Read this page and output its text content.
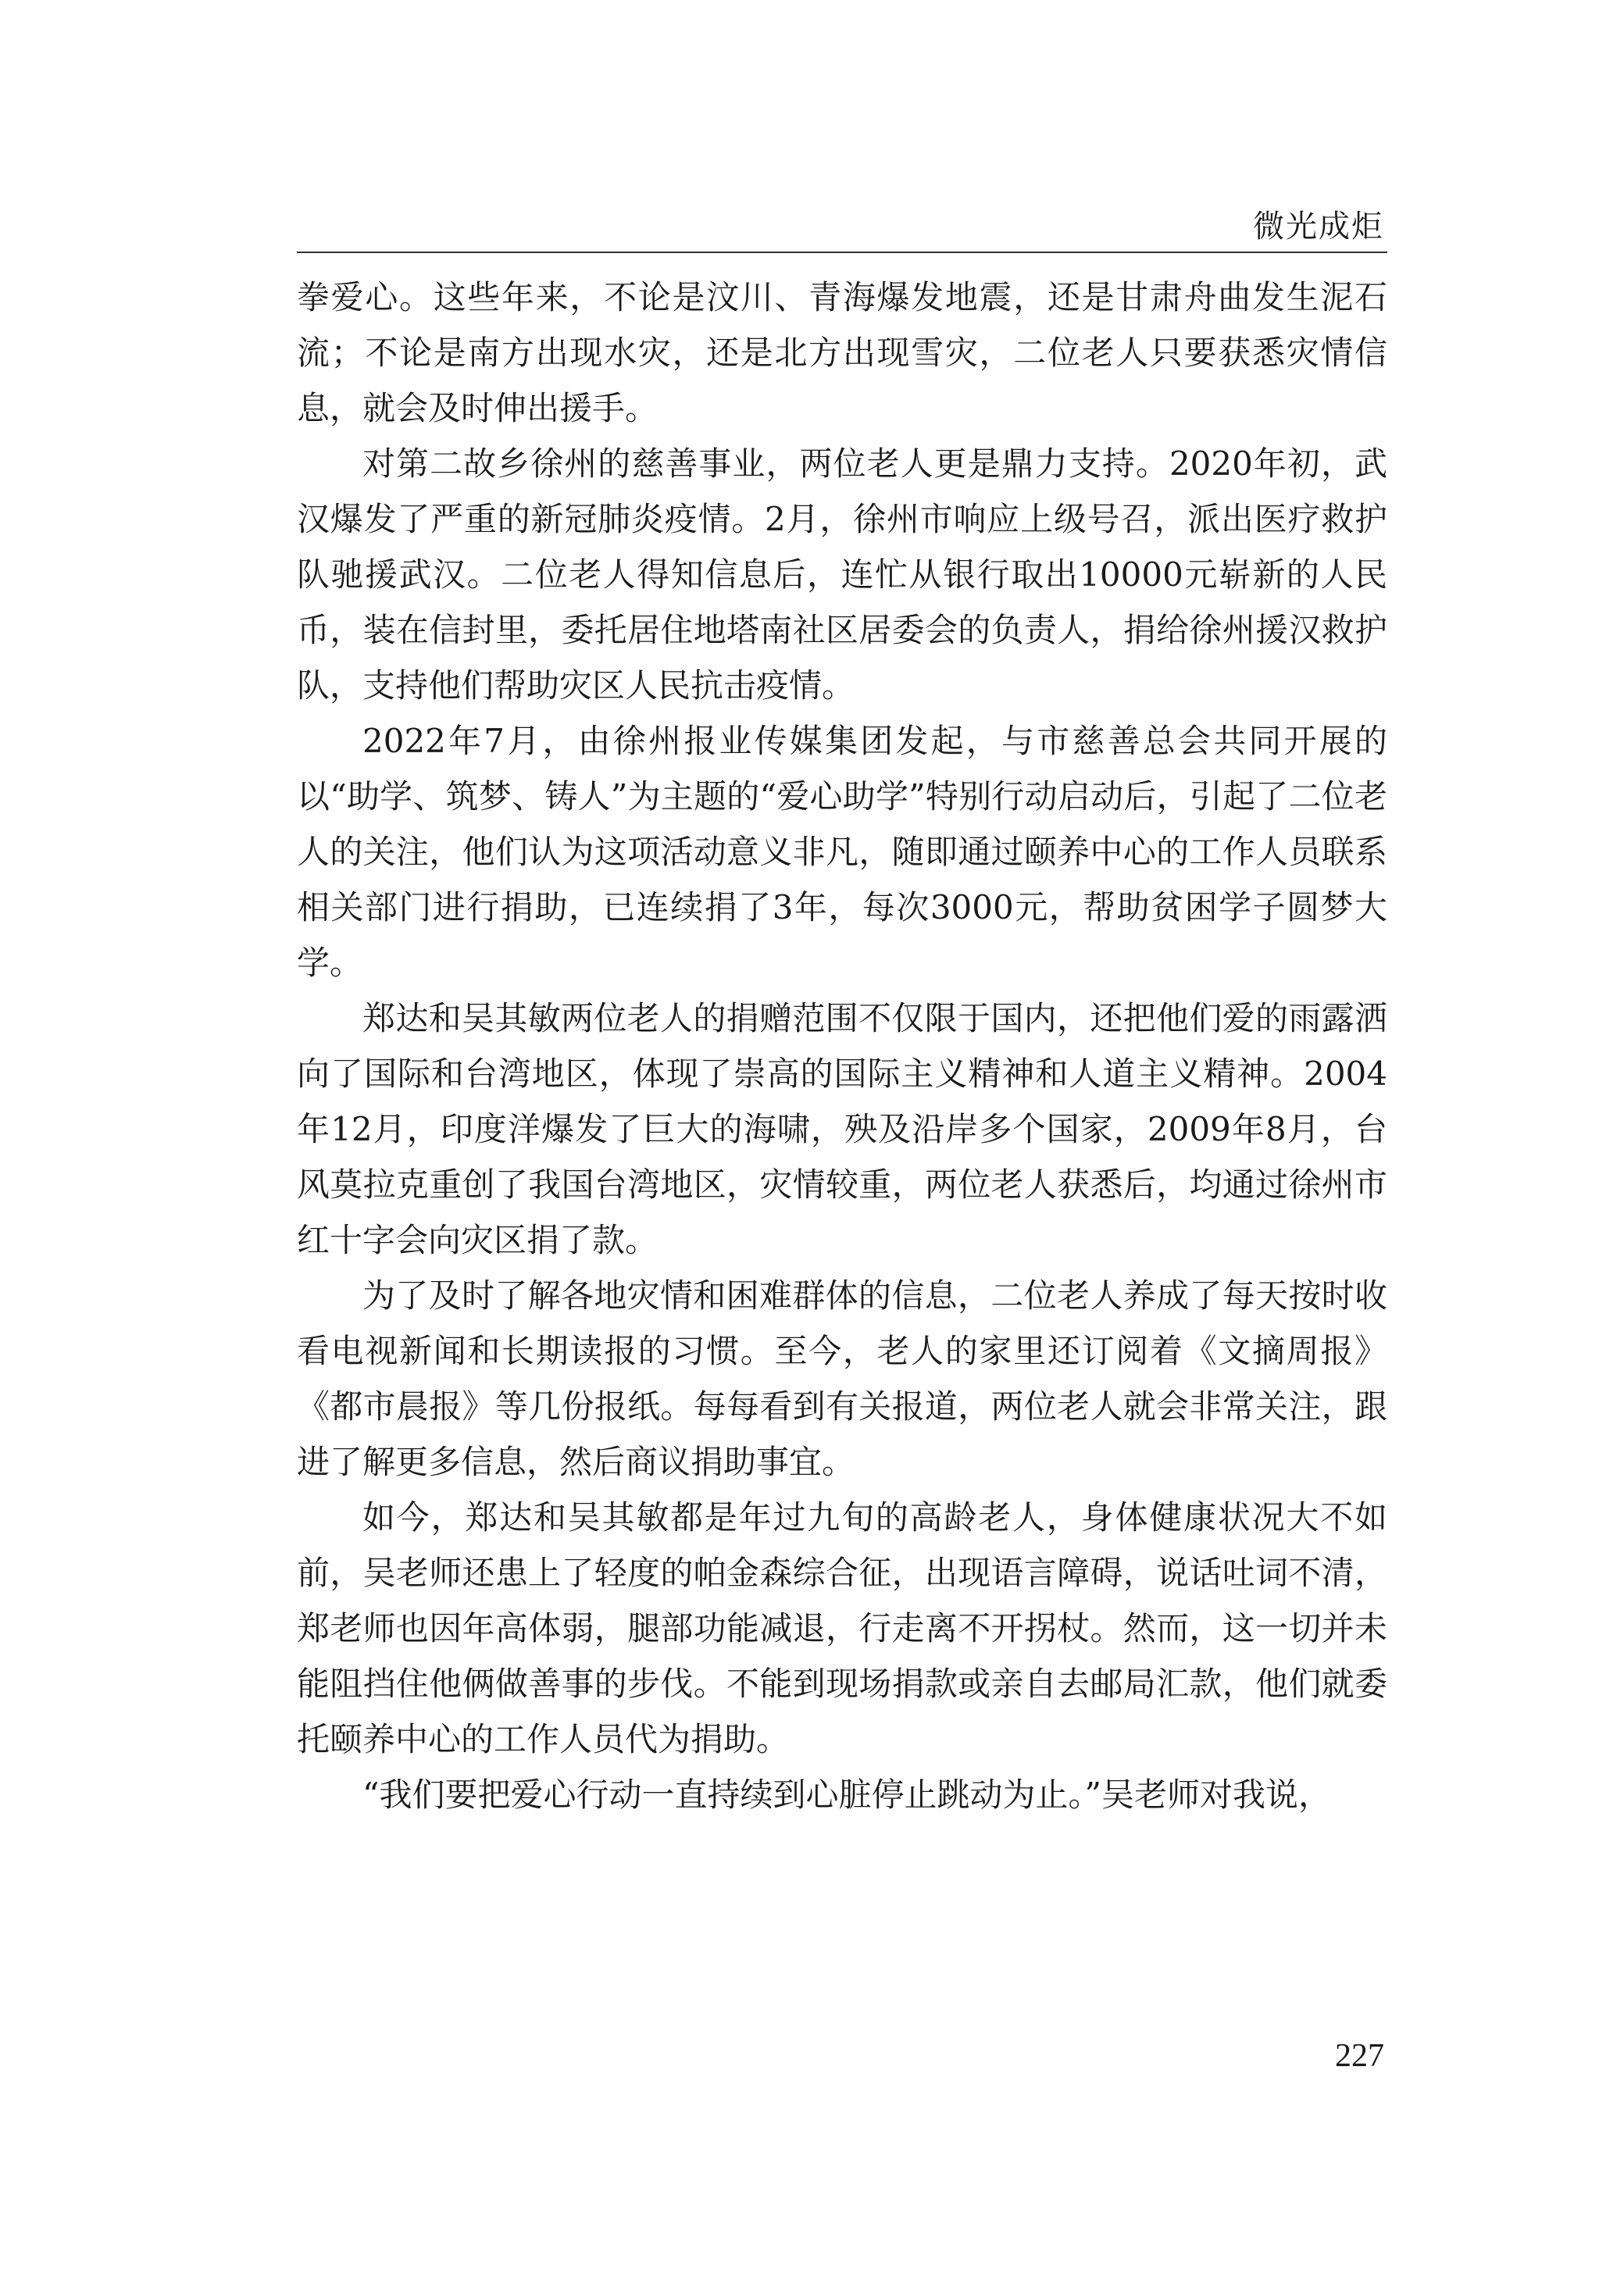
微光成炬

拳爱心。这些年来，不论是汶川、青海爆发地震，还是甘肃舟曲发生泥石流；不论是南方出现水灾，还是北方出现雪灾，二位老人只要获悉灾情信息，就会及时伸出援手。

对第二故乡徐州的慈善事业，两位老人更是鼎力支持。2020年初，武汉爆发了严重的新冠肺炎疫情。2月，徐州市响应上级号召，派出医疗救护队驰援武汉。二位老人得知信息后，连忙从银行取出10000元崭新的人民币，装在信封里，委托居住地塔南社区居委会的负责人，捐给徐州援汉救护队，支持他们帮助灾区人民抗击疫情。

2022年7月，由徐州报业传媒集团发起，与市慈善总会共同开展的以“助学、筑梦、铸人”为主题的“爱心助学”特别行动启动后，引起了二位老人的关注，他们认为这项活动意义非凡，随即通过颐养中心的工作人员联系相关部门进行捐助，已连续捐了3年，每次3000元，帮助贫困学子圆梦大学。

郑达和吴其敏两位老人的捐赠范围不仅限于国内，还把他们爱的雨露洒向了国际和台湾地区，体现了崇高的国际主义精神和人道主义精神。2004年12月，印度洋爆发了巨大的海啸，殃及沿岸多个国家，2009年8月，台风莫拉克重创了我国台湾地区，灾情较重，两位老人获悉后，均通过徐州市红十字会向灾区捐了款。

为了及时了解各地灾情和困难群体的信息，二位老人养成了每天按时收看电视新闻和长期读报的习惯。至今，老人的家里还订阅着《文摘周报》《都市晨报》等几份报纸。每每看到有关报道，两位老人就会非常关注，跟进了解更多信息，然后商议捐助事宜。

如今，郑达和吴其敏都是年过九旬的高龄老人，身体健康状况大不如前，吴老师还患上了轻度的帕金森综合征，出现语言障碍，说话吐词不清，郑老师也因年高体弱，腿部功能减退，行走离不开拐杖。然而，这一切并未能阻挡住他俩做善事的步伐。不能到现场捐款或亲自去邮局汇款，他们就委托颐养中心的工作人员代为捐助。

“我们要把爱心行动一直持续到心脏停止跳动为止。”吴老师对我说，

227
